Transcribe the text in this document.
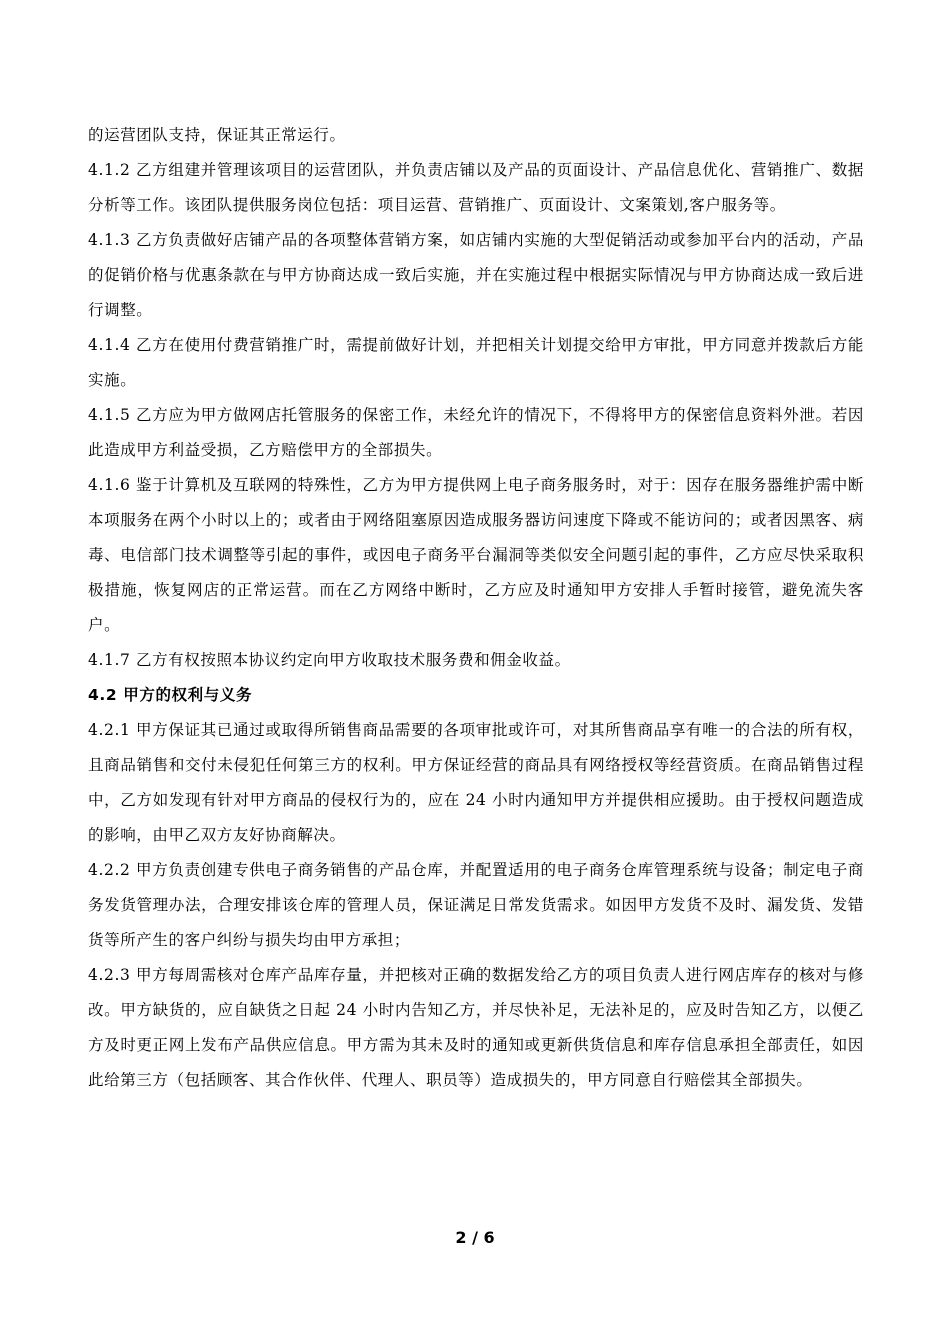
的运营团队支持，保证其正常运行。

4.1.2 乙方组建并管理该项目的运营团队，并负责店铺以及产品的页面设计、产品信息优化、营销推广、数据分析等工作。该团队提供服务岗位包括：项目运营、营销推广、页面设计、文案策划,客户服务等。

4.1.3 乙方负责做好店铺产品的各项整体营销方案，如店铺内实施的大型促销活动或参加平台内的活动，产品的促销价格与优惠条款在与甲方协商达成一致后实施，并在实施过程中根据实际情况与甲方协商达成一致后进行调整。

4.1.4 乙方在使用付费营销推广时，需提前做好计划，并把相关计划提交给甲方审批，甲方同意并拨款后方能实施。

4.1.5 乙方应为甲方做网店托管服务的保密工作，未经允许的情况下，不得将甲方的保密信息资料外泄。若因此造成甲方利益受损，乙方赔偿甲方的全部损失。

4.1.6 鉴于计算机及互联网的特殊性，乙方为甲方提供网上电子商务服务时，对于：因存在服务器维护需中断本项服务在两个小时以上的；或者由于网络阻塞原因造成服务器访问速度下降或不能访问的；或者因黑客、病毒、电信部门技术调整等引起的事件，或因电子商务平台漏洞等类似安全问题引起的事件，乙方应尽快采取积极措施，恢复网店的正常运营。而在乙方网络中断时，乙方应及时通知甲方安排人手暂时接管，避免流失客户。

4.1.7 乙方有权按照本协议约定向甲方收取技术服务费和佣金收益。

4.2 甲方的权利与义务

4.2.1 甲方保证其已通过或取得所销售商品需要的各项审批或许可，对其所售商品享有唯一的合法的所有权，且商品销售和交付未侵犯任何第三方的权利。甲方保证经营的商品具有网络授权等经营资质。在商品销售过程中，乙方如发现有针对甲方商品的侵权行为的，应在 24 小时内通知甲方并提供相应援助。由于授权问题造成的影响，由甲乙双方友好协商解决。

4.2.2 甲方负责创建专供电子商务销售的产品仓库，并配置适用的电子商务仓库管理系统与设备；制定电子商务发货管理办法，合理安排该仓库的管理人员，保证满足日常发货需求。如因甲方发货不及时、漏发货、发错货等所产生的客户纠纷与损失均由甲方承担；

4.2.3 甲方每周需核对仓库产品库存量，并把核对正确的数据发给乙方的项目负责人进行网店库存的核对与修改。甲方缺货的，应自缺货之日起 24 小时内告知乙方，并尽快补足，无法补足的，应及时告知乙方，以便乙方及时更正网上发布产品供应信息。甲方需为其未及时的通知或更新供货信息和库存信息承担全部责任，如因此给第三方（包括顾客、其合作伙伴、代理人、职员等）造成损失的，甲方同意自行赔偿其全部损失。

2 / 6
